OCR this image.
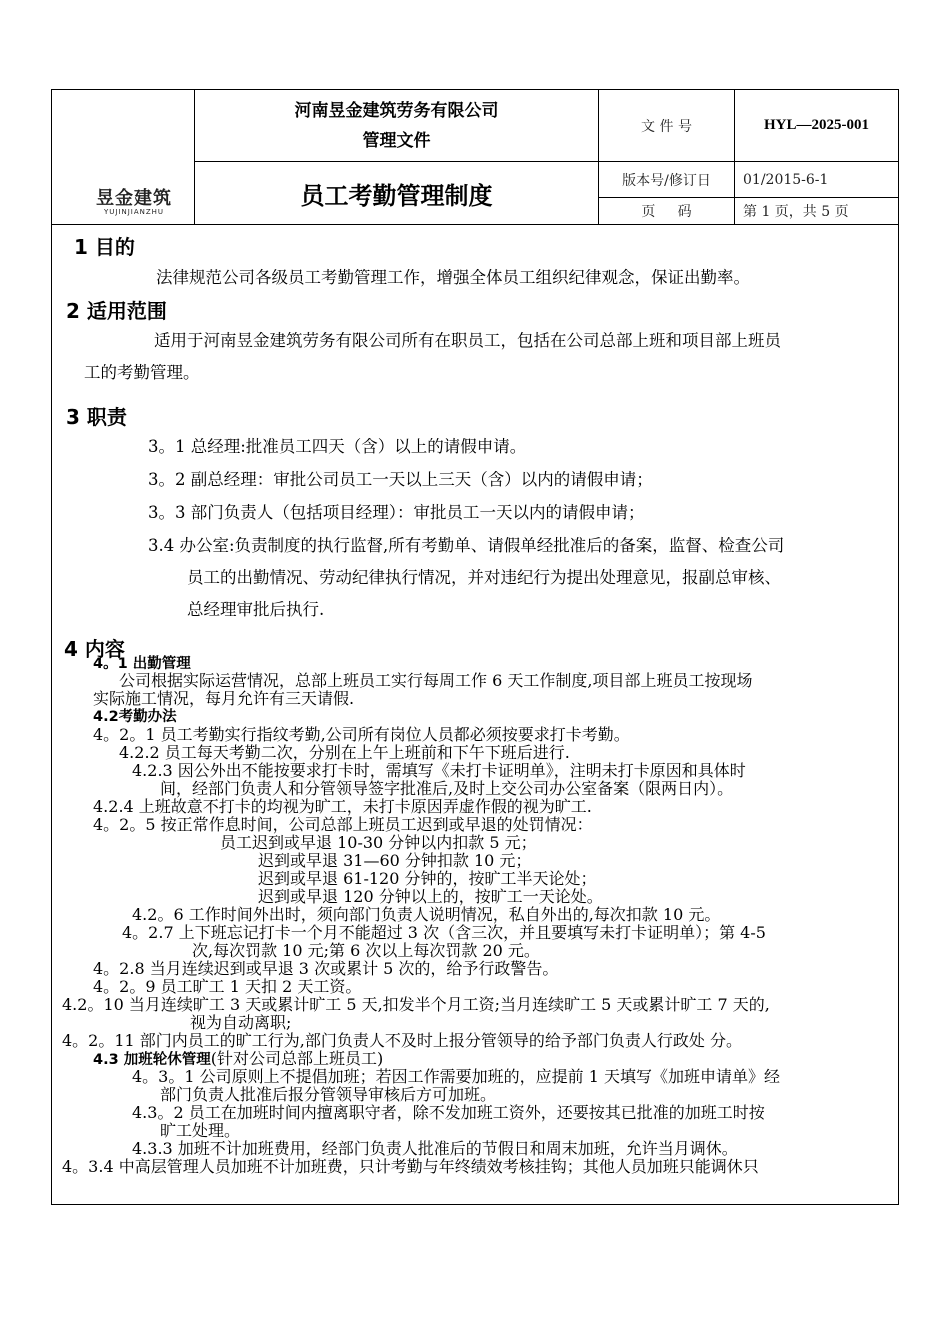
昱金建筑
YUJINJIANZHU
河南昱金建筑劳务有限公司
管理文件
员工考勤管理制度
文 件 号	HYL—2025-001
版本号/修订日 01/2015-6-1
页     码	第 1 页，共 5 页
1 目的
法律规范公司各级员工考勤管理工作，增强全体员工组织纪律观念，保证出勤率。
2 适用范围
适用于河南昱金建筑劳务有限公司所有在职员工，包括在公司总部上班和项目部上班员
工的考勤管理。
3 职责
3。1 总经理:批准员工四天（含）以上的请假申请。
3。2 副总经理：审批公司员工一天以上三天（含）以内的请假申请；
3。3 部门负责人（包括项目经理）：审批员工一天以内的请假申请；
3.4 办公室:负责制度的执行监督,所有考勤单、请假单经批准后的备案，监督、检查公司
员工的出勤情况、劳动纪律执行情况，并对违纪行为提出处理意见，报副总审核、
总经理审批后执行.
4 内容
4。1 出勤管理
公司根据实际运营情况，总部上班员工实行每周工作 6 天工作制度,项目部上班员工按现场
实际施工情况，每月允许有三天请假.
4.2考勤办法
4。2。1 员工考勤实行指纹考勤,公司所有岗位人员都必须按要求打卡考勤。
4.2.2 员工每天考勤二次，分别在上午上班前和下午下班后进行.
4.2.3 因公外出不能按要求打卡时，需填写《未打卡证明单》，注明未打卡原因和具体时
间，经部门负责人和分管领导签字批准后,及时上交公司办公室备案（限两日内）。
4.2.4 上班故意不打卡的均视为旷工，未打卡原因弄虚作假的视为旷工.
4。2。5 按正常作息时间，公司总部上班员工迟到或早退的处罚情况：
员工迟到或早退 10-30 分钟以内扣款 5 元；
迟到或早退 31—60 分钟扣款 10 元；
迟到或早退 61-120 分钟的，按旷工半天论处；
迟到或早退 120 分钟以上的，按旷工一天论处。
4.2。6 工作时间外出时，须向部门负责人说明情况，私自外出的,每次扣款 10 元。
4。2.7 上下班忘记打卡一个月不能超过 3 次（含三次，并且要填写未打卡证明单）；第 4-5
次,每次罚款 10 元;第 6 次以上每次罚款 20 元。
4。2.8 当月连续迟到或早退 3 次或累计 5 次的，给予行政警告。
4。2。9 员工旷工 1 天扣 2 天工资。
4.2。10 当月连续旷工 3 天或累计旷工 5 天,扣发半个月工资;当月连续旷工 5 天或累计旷工 7 天的,
视为自动离职;
4。2。11 部门内员工的旷工行为,部门负责人不及时上报分管领导的给予部门负责人行政处 分。
4.3 加班轮休管理(针对公司总部上班员工)
4。3。1 公司原则上不提倡加班；若因工作需要加班的，应提前 1 天填写《加班申请单》经
部门负责人批准后报分管领导审核后方可加班。
4.3。2 员工在加班时间内擅离职守者，除不发加班工资外，还要按其已批准的加班工时按
旷工处理。
4.3.3 加班不计加班费用，经部门负责人批准后的节假日和周末加班，允许当月调休。
4。3.4 中高层管理人员加班不计加班费，只计考勤与年终绩效考核挂钩；其他人员加班只能调休只
